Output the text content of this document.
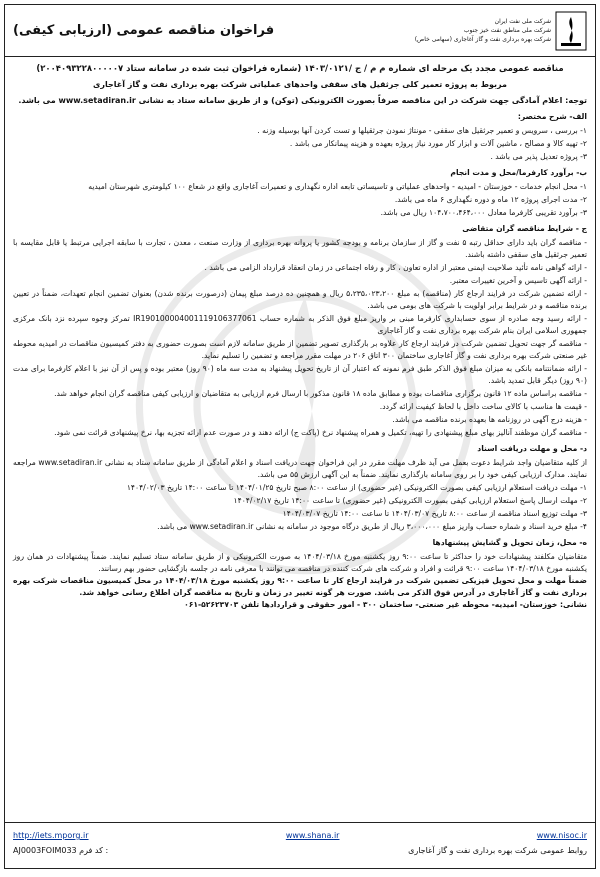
شرکت ملی نفت ایران
شرکت ملی مناطق نفت خیز جنوب
شرکت بهره برداری نفت و گاز آغاجاری (سهامی خاص)
فراخوان مناقصه عمومی (ارزیابی کیفی)
مناقصه عمومی مجدد یک مرحله ای شماره م م / ج /۱۴۰۳/۰۱۲۱ (شماره فراخوان ثبت شده در سامانه ستاد ۲۰۰۴۰۹۳۲۲۸۰۰۰۰۰۷)
مربوط به پروژه تعمیر کلی جرثقیل های سقفی واحدهای عملیاتی شرکت بهره برداری نفت و گاز آغاجاری
توجه: اعلام آمادگی جهت شرکت در این مناقصه صرفاً بصورت الکترونیکی (توکن) و از طریق سامانه ستاد به نشانی www.setadiran.ir می باشد.
الف- شرح مختصر:
۱- بررسی ، سرویس و تعمیر جرثقیل های سقفی - مونتاژ نمودن جرثقیلها و تست کردن آنها بوسیله وزنه .
۲- تهیه کالا و مصالح ، ماشین آلات و ابزار کار مورد نیاز پروژه بعهده و هزینه پیمانکار می باشد .
۳- پروژه تعدیل پذیر می باشد .
ب- برآورد کارفرما/محل و مدت انجام
۱- محل انجام خدمات - خوزستان - امیدیه - واحدهای عملیاتی و تاسیساتی تابعه اداره نگهداری و تعمیرات آغاجاری واقع در شعاع ۱۰۰ کیلومتری شهرستان امیدیه
۲- مدت اجرای پروژه ۱۲ ماه و دوره نگهداری ۶ ماه می باشد.
۳- برآورد تقریبی کارفرما معادل ۱۰۴،۷۰۰،۴۶۴،۰۰۰ ریال می باشد.
ج - شرایط مناقصه گران متقاضی
- مناقصه گران باید دارای حداقل رتبه ۵ نفت و گاز از سازمان برنامه و بودجه کشور یا پروانه بهره برداری از وزارت صنعت ، معدن ، تجارت با سابقه اجرایی مرتبط یا قابل مقایسه با تعمیر جرثقیل های سقفی داشته باشند.
- ارائه گواهی نامه تأئید صلاحیت ایمنی معتبر از اداره تعاون ، کار و رفاه اجتماعی در زمان انعقاد قرارداد الزامی می باشد .
- ارائه آگهی تاسیس و آخرین تغییرات معتبر.
- ارائه تضمین شرکت در فرایند ارجاع کار (مناقصه) به مبلغ ۵،۲۳۵،۰۲۳،۲۰۰ ریال و همچنین ده درصد مبلغ پیمان (درصورت برنده شدن) بعنوان تضمین انجام تعهدات، ضمناً در تعیین برنده مناقصه و در شرایط برابر اولویت با شرکت های بومی می باشد.
- ارائه رسید وجه صادره از سوی حسابداری کارفرما مبنی بر واریز مبلغ فوق الذکر به شماره حساب IR190100004001119106377061 تمرکز وجوه سپرده نزد بانک مرکزی جمهوری اسلامی ایران بنام شرکت بهره برداری نفت و گاز آغاجاری
- مناقصه گر جهت تحویل تضمین شرکت در فرایند ارجاع کار علاوه بر بارگذاری تصویر تضمین از طریق سامانه لازم است بصورت حضوری به دفتر کمیسیون مناقصات در امیدیه محوطه غیر صنعتی شرکت بهره برداری نفت و گاز آغاجاری ساختمان ۳۰۰ اتاق ۲۰۶ در مهلت مقرر مراجعه و تضمین را تسلیم نماید.
- ارائه ضمانتنامه بانکی به میزان مبلغ فوق الذکر طبق فرم نمونه که اعتبار آن از تاریخ تحویل پیشنهاد به مدت سه ماه (۹۰ روز) معتبر بوده و پس از آن نیز با اعلام کارفرما برای مدت (۹۰ روز) دیگر قابل تمدید باشد.
- مناقصه براساس ماده ۱۲ قانون برگزاری مناقصات بوده و مطابق ماده ۱۸ قانون مذکور با ارسال فرم ارزیابی به متقاضیان و ارزیابی کیفی مناقصه گران انجام خواهد شد.
- قیمت ها مناسب با کالای ساخت داخل با لحاظ کیفیت ارائه گردد.
- هزینه درج آگهی در روزنامه ها بعهده برنده مناقصه می باشد.
- مناقصه گران موظفند آنالیز بهای مبلغ پیشنهادی را تهیه، تکمیل و همراه پیشنهاد نرخ (پاکت ج) ارائه دهند و در صورت عدم ارائه تجزیه بها، نرخ پیشنهادی قرائت نمی شود.
د- محل و مهلت دریافت اسناد
از کلیه متقاضیان واجد شرایط دعوت بعمل می آید ظرف مهلت مقرر در این فراخوان جهت دریافت اسناد و اعلام آمادگی از طریق سامانه ستاد به نشانی www.setadiran.ir مراجعه نمایند. مدارک ارزیابی کیفی خود را بر روی سامانه بارگذاری نمایند. ضمناً به این آگهی ارزش ۵۵ می باشد.
۱- مهلت دریافت استعلام ارزیابی کیفی بصورت الکترونیکی (غیر حضوری) از ساعت ۸:۰۰ صبح تاریخ ۱۴۰۴/۰۱/۲۵ تا ساعت ۱۴:۰۰ تاریخ ۱۴۰۴/۰۲/۰۳
۲- مهلت ارسال پاسخ استعلام ارزیابی کیفی بصورت الکترونیکی (غیر حضوری) تا ساعت ۱۴:۰۰ تاریخ ۱۴۰۴/۰۲/۱۷
۳- مهلت توزیع اسناد مناقصه از ساعت ۸:۰۰ تاریخ ۱۴۰۴/۰۳/۰۷ تا ساعت ۱۴:۰۰ تاریخ ۱۴۰۴/۰۳/۰۷
۴- مبلغ خرید اسناد و شماره حساب واریز مبلغ ۳،۰۰۰،۰۰۰ ریال از طریق درگاه موجود در سامانه به نشانی www.setadiran.ir می باشد.
ه- محل، زمان تحویل و گشایش پیشنهادها
متقاضیان مکلفند پیشنهادات خود را حداکثر تا ساعت ۹:۰۰ روز یکشنبه مورخ ۱۴۰۴/۰۳/۱۸ به صورت الکترونیکی و از طریق سامانه ستاد تسلیم نمایند. ضمناً پیشنهادات در همان روز یکشنبه مورخ ۱۴۰۴/۰۳/۱۸ ساعت ۹:۰۰ قرائت و افراد و شرکت های شرکت کننده در مناقصه می توانند با معرفی نامه در جلسه بازگشایی حضور بهم رسانند.
ضمناً مهلت و محل تحویل فیزیکی تضمین شرکت در فرایند ارجاع کار تا ساعت ۹:۰۰ روز یکشنبه مورخ ۱۴۰۴/۰۳/۱۸ در محل کمیسیون مناقصات شرکت بهره برداری نفت و گاز آغاجاری در آدرس فوق الذکر می باشد. صورت هر گونه تغییر در زمان و تاریخ به مناقصه گران اطلاع رسانی خواهد شد.
نشانی: خوزستان- امیدیه- محوطه غیر صنعتی- ساختمان ۳۰۰ - امور حقوقی و قراردادها تلفن ۵۲۶۲۳۷۰۳-۰۶۱
http://iets.mporg.ir	www.shana.ir	www.nisoc.ir
AJ0003FOIM033 کد فرم :	روابط عمومی شرکت بهره برداری نفت و گاز آغاجاری
